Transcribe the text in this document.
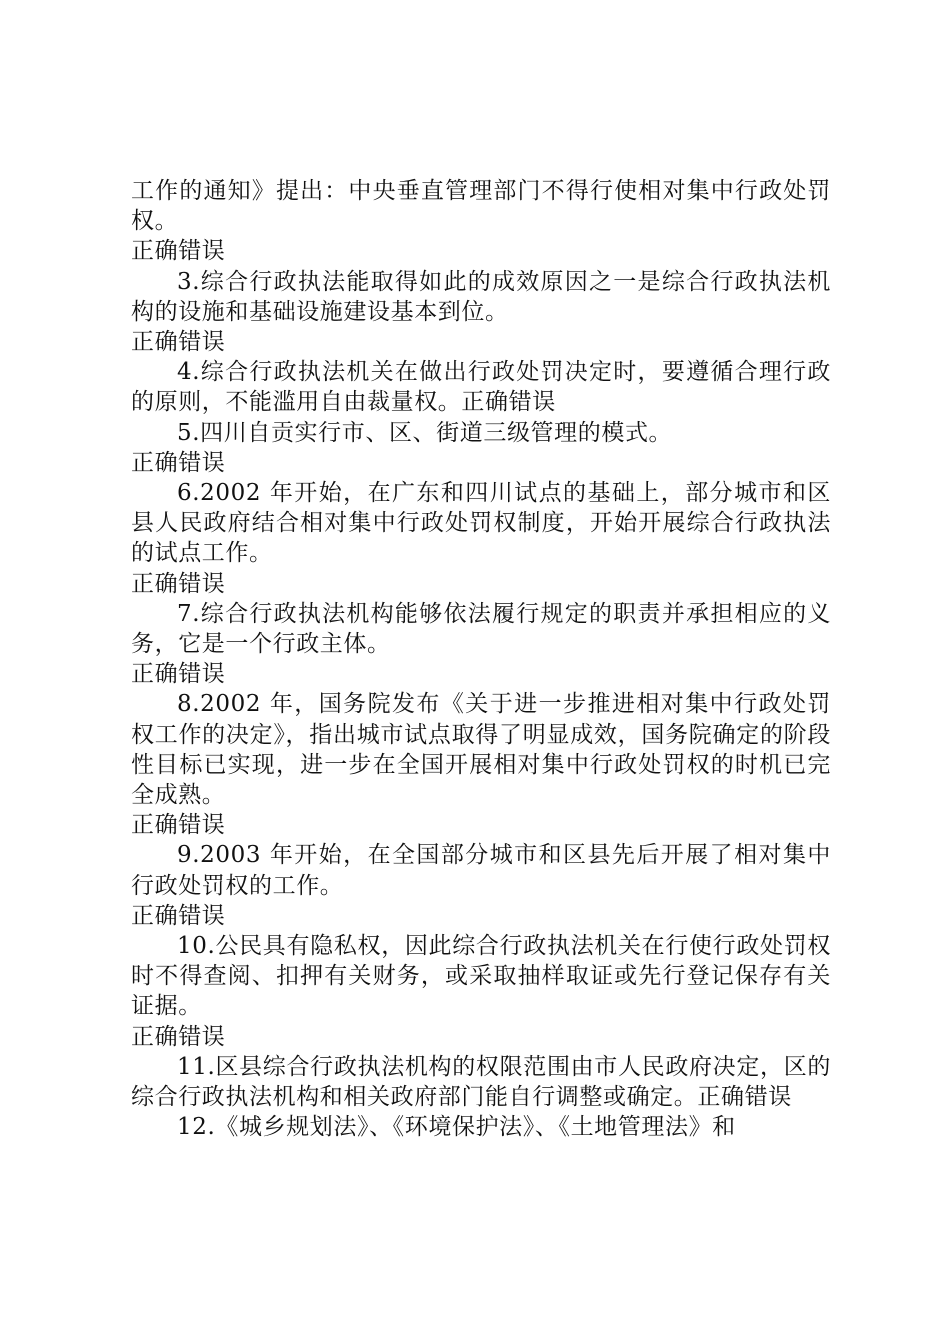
工作的通知》提出：中央垂直管理部门不得行使相对集中行政处罚权。

正确错误

3.综合行政执法能取得如此的成效原因之一是综合行政执法机构的设施和基础设施建设基本到位。

正确错误

4.综合行政执法机关在做出行政处罚决定时，要遵循合理行政的原则，不能滥用自由裁量权。正确错误

5.四川自贡实行市、区、街道三级管理的模式。

正确错误

6.2002 年开始，在广东和四川试点的基础上，部分城市和区县人民政府结合相对集中行政处罚权制度，开始开展综合行政执法的试点工作。

正确错误

7.综合行政执法机构能够依法履行规定的职责并承担相应的义务，它是一个行政主体。

正确错误

8.2002 年，国务院发布《关于进一步推进相对集中行政处罚权工作的决定》，指出城市试点取得了明显成效，国务院确定的阶段性目标已实现，进一步在全国开展相对集中行政处罚权的时机已完全成熟。

正确错误

9.2003 年开始，在全国部分城市和区县先后开展了相对集中行政处罚权的工作。

正确错误

10.公民具有隐私权，因此综合行政执法机关在行使行政处罚权时不得查阅、扣押有关财务，或采取抽样取证或先行登记保存有关证据。

正确错误

11.区县综合行政执法机构的权限范围由市人民政府决定，区的综合行政执法机构和相关政府部门能自行调整或确定。正确错误

12.《城乡规划法》、《环境保护法》、《土地管理法》和
